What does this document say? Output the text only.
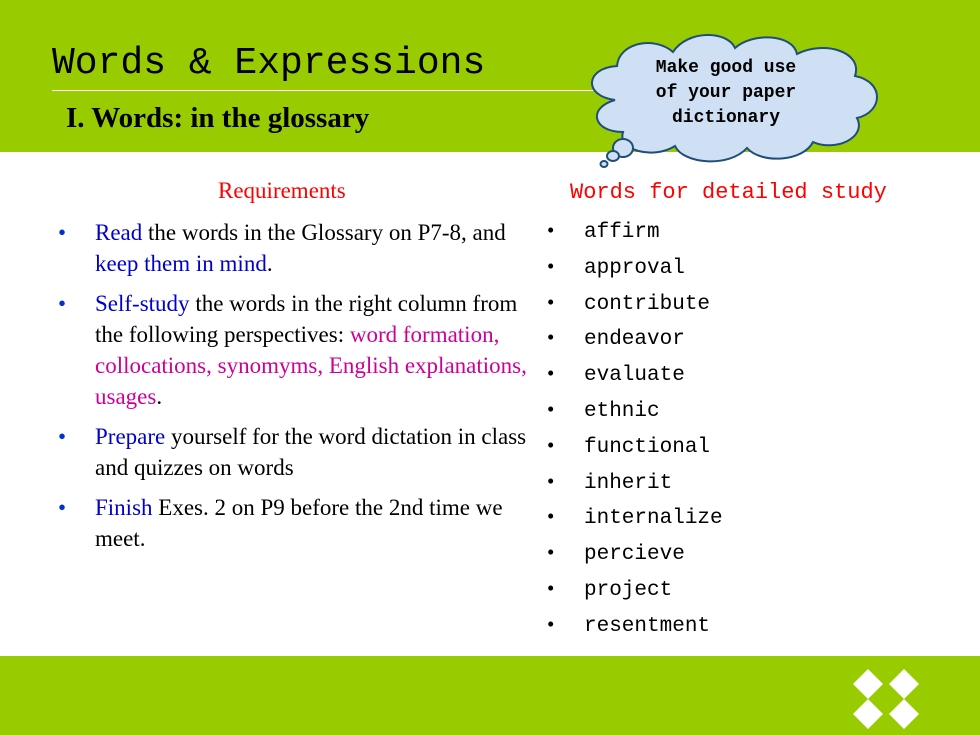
Words & Expressions
I. Words: in the glossary
Make good use
of your paper
dictionary
Requirements
• Read the words in the Glossary on P7-8, and keep them in mind.
• Self-study the words in the right column from the following perspectives: word formation, collocations, synomyms, English explanations, usages.
• Prepare yourself for the word dictation in class and quizzes on words
• Finish Exes. 2 on P9 before the 2nd time we meet.
Words for detailed study
• affirm
• approval
• contribute
• endeavor
• evaluate
• ethnic
• functional
• inherit
• internalize
• percieve
• project
• resentment
